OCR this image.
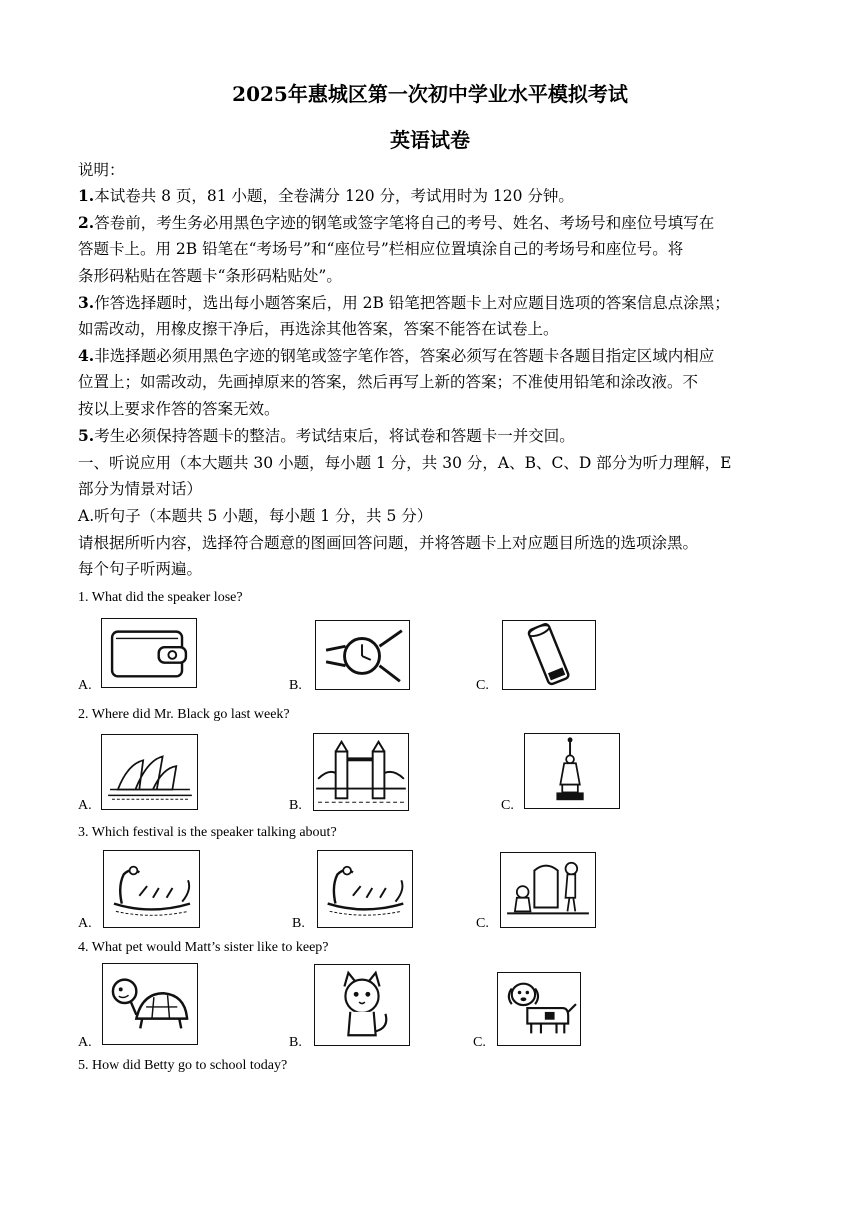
2025年惠城区第一次初中学业水平模拟考试
英语试卷
说明：
1.本试卷共 8 页，81 小题，全卷满分 120 分，考试用时为 120 分钟。
2.答卷前，考生务必用黑色字迹的钢笔或签字笔将自己的考号、姓名、考场号和座位号填写在
答题卡上。用 2B 铅笔在“考场号”和“座位号”栏相应位置填涂自己的考场号和座位号。将
条形码粘贴在答题卡“条形码粘贴处”。
3.作答选择题时，选出每小题答案后，用 2B 铅笔把答题卡上对应题目选项的答案信息点涂黑；
如需改动，用橡皮擦干净后，再选涂其他答案，答案不能答在试卷上。
4.非选择题必须用黑色字迹的钢笔或签字笔作答，答案必须写在答题卡各题目指定区域内相应
位置上；如需改动，先画掉原来的答案，然后再写上新的答案；不准使用铅笔和涂改液。不
按以上要求作答的答案无效。
5.考生必须保持答题卡的整洁。考试结束后，将试卷和答题卡一并交回。
一、听说应用（本大题共 30 小题，每小题 1 分，共 30 分，A、B、C、D 部分为听力理解，E
部分为情景对话）
A.听句子（本题共 5 小题，每小题 1 分，共 5 分）
请根据所听内容，选择符合题意的图画回答问题，并将答题卡上对应题目所选的选项涂黑。
每个句子听两遍。
1. What did the speaker lose?
A.	B.	C.
2. Where did Mr. Black go last week?
A.	B.	C.
3. Which festival is the speaker talking about?
A.	B.	C.
4. What pet would Matt’s sister like to keep?
A.	B.	C.
5. How did Betty go to school today?
